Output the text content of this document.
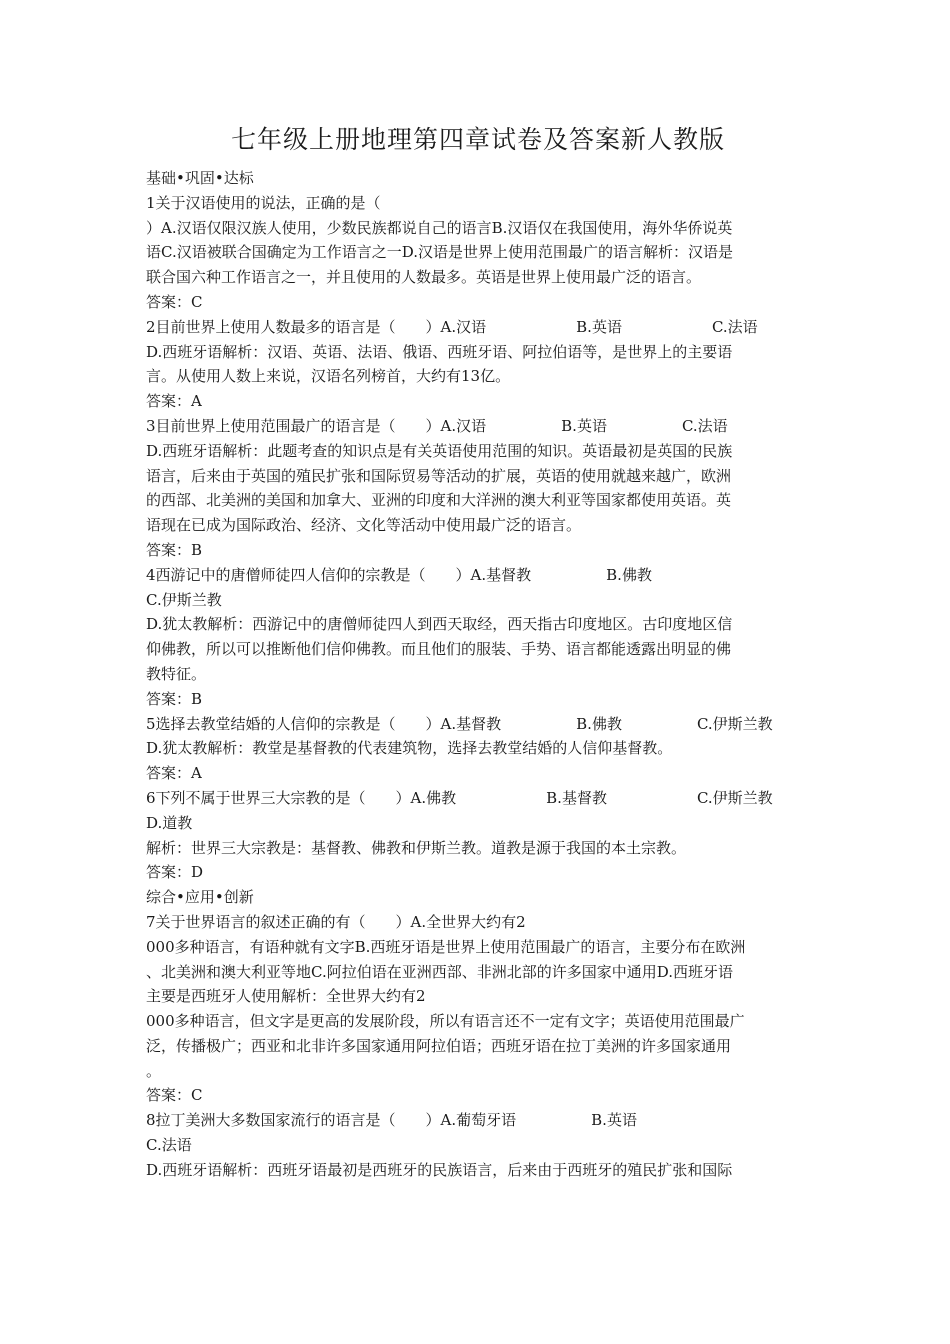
七年级上册地理第四章试卷及答案新人教版

基础•巩固•达标

1关于汉语使用的说法，正确的是（

）A.汉语仅限汉族人使用，少数民族都说自己的语言B.汉语仅在我国使用，海外华侨说英

语C.汉语被联合国确定为工作语言之一D.汉语是世界上使用范围最广的语言解析：汉语是

联合国六种工作语言之一，并且使用的人数最多。英语是世界上使用最广泛的语言。

答案：C

2目前世界上使用人数最多的语言是（　　）A.汉语　　　　　　B.英语　　　　　　C.法语

D.西班牙语解析：汉语、英语、法语、俄语、西班牙语、阿拉伯语等，是世界上的主要语

言。从使用人数上来说，汉语名列榜首，大约有13亿。

答案：A

3目前世界上使用范围最广的语言是（　　）A.汉语　　　　　B.英语　　　　　C.法语

D.西班牙语解析：此题考查的知识点是有关英语使用范围的知识。英语最初是英国的民族

语言，后来由于英国的殖民扩张和国际贸易等活动的扩展，英语的使用就越来越广，欧洲

的西部、北美洲的美国和加拿大、亚洲的印度和大洋洲的澳大利亚等国家都使用英语。英

语现在已成为国际政治、经济、文化等活动中使用最广泛的语言。

答案：B

4西游记中的唐僧师徒四人信仰的宗教是（　　）A.基督教　　　　　B.佛教

C.伊斯兰教

D.犹太教解析：西游记中的唐僧师徒四人到西天取经，西天指古印度地区。古印度地区信

仰佛教，所以可以推断他们信仰佛教。而且他们的服装、手势、语言都能透露出明显的佛

教特征。

答案：B

5选择去教堂结婚的人信仰的宗教是（　　）A.基督教　　　　　B.佛教　　　　　C.伊斯兰教

D.犹太教解析：教堂是基督教的代表建筑物，选择去教堂结婚的人信仰基督教。

答案：A

6下列不属于世界三大宗教的是（　　）A.佛教　　　　　　B.基督教　　　　　　C.伊斯兰教

D.道教

解析：世界三大宗教是：基督教、佛教和伊斯兰教。道教是源于我国的本土宗教。

答案：D

综合•应用•创新

7关于世界语言的叙述正确的有（　　）A.全世界大约有2

000多种语言，有语种就有文字B.西班牙语是世界上使用范围最广的语言，主要分布在欧洲

、北美洲和澳大利亚等地C.阿拉伯语在亚洲西部、非洲北部的许多国家中通用D.西班牙语

主要是西班牙人使用解析：全世界大约有2

000多种语言，但文字是更高的发展阶段，所以有语言还不一定有文字；英语使用范围最广

泛，传播极广；西亚和北非许多国家通用阿拉伯语；西班牙语在拉丁美洲的许多国家通用

。

答案：C

8拉丁美洲大多数国家流行的语言是（　　）A.葡萄牙语　　　　　B.英语

C.法语

D.西班牙语解析：西班牙语最初是西班牙的民族语言，后来由于西班牙的殖民扩张和国际
